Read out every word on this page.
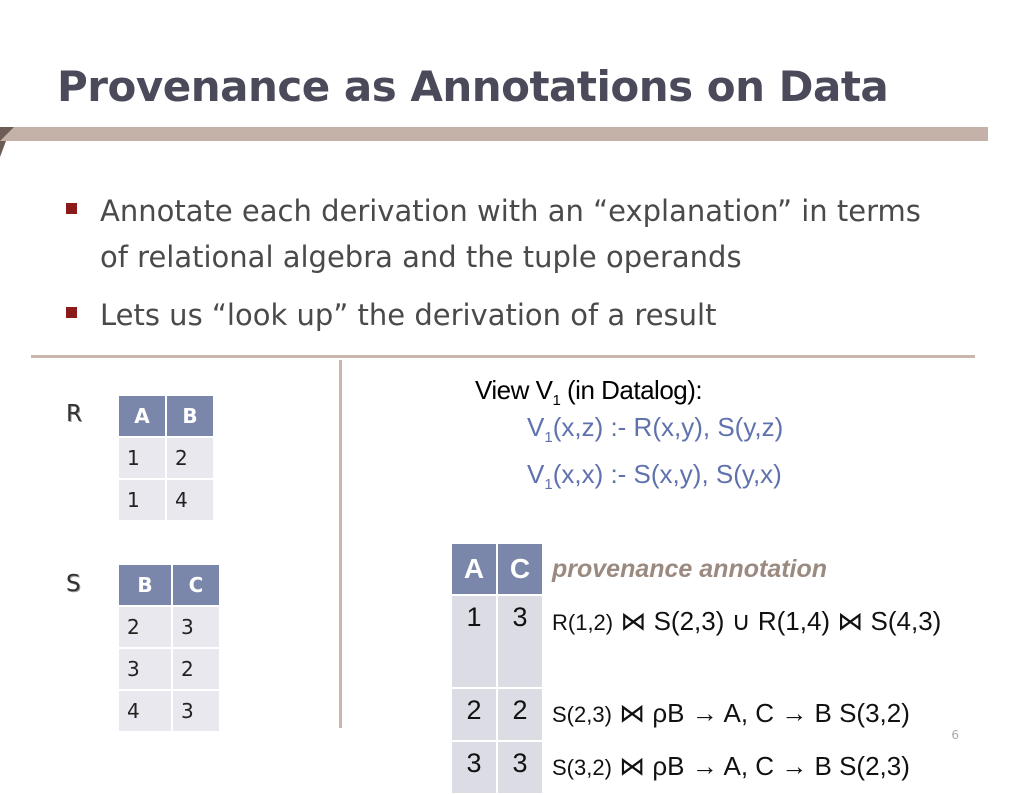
Provenance as Annotations on Data
Annotate each derivation with an “explanation” in terms of relational algebra and the tuple operands
Lets us “look up” the derivation of a result
R	A	B
1	2
1	4
S	B	C
2	3
3	2
4	3
View $V_1$ (in Datalog):
$V_1(x,z)$ :- R(x,y), S(y,z)
$V_1(x,x)$ :- S(x,y), S(y,x)
A	C	provenance annotation
1	3	R(1,2) ⋈ S(2,3) ∪ R(1,4) ⋈ S(4,3)
2	2	S(2,3) ⋈ ρB → A, C → B S(3,2)
3	3	S(3,2) ⋈ ρB → A, C → B S(2,3)
6
